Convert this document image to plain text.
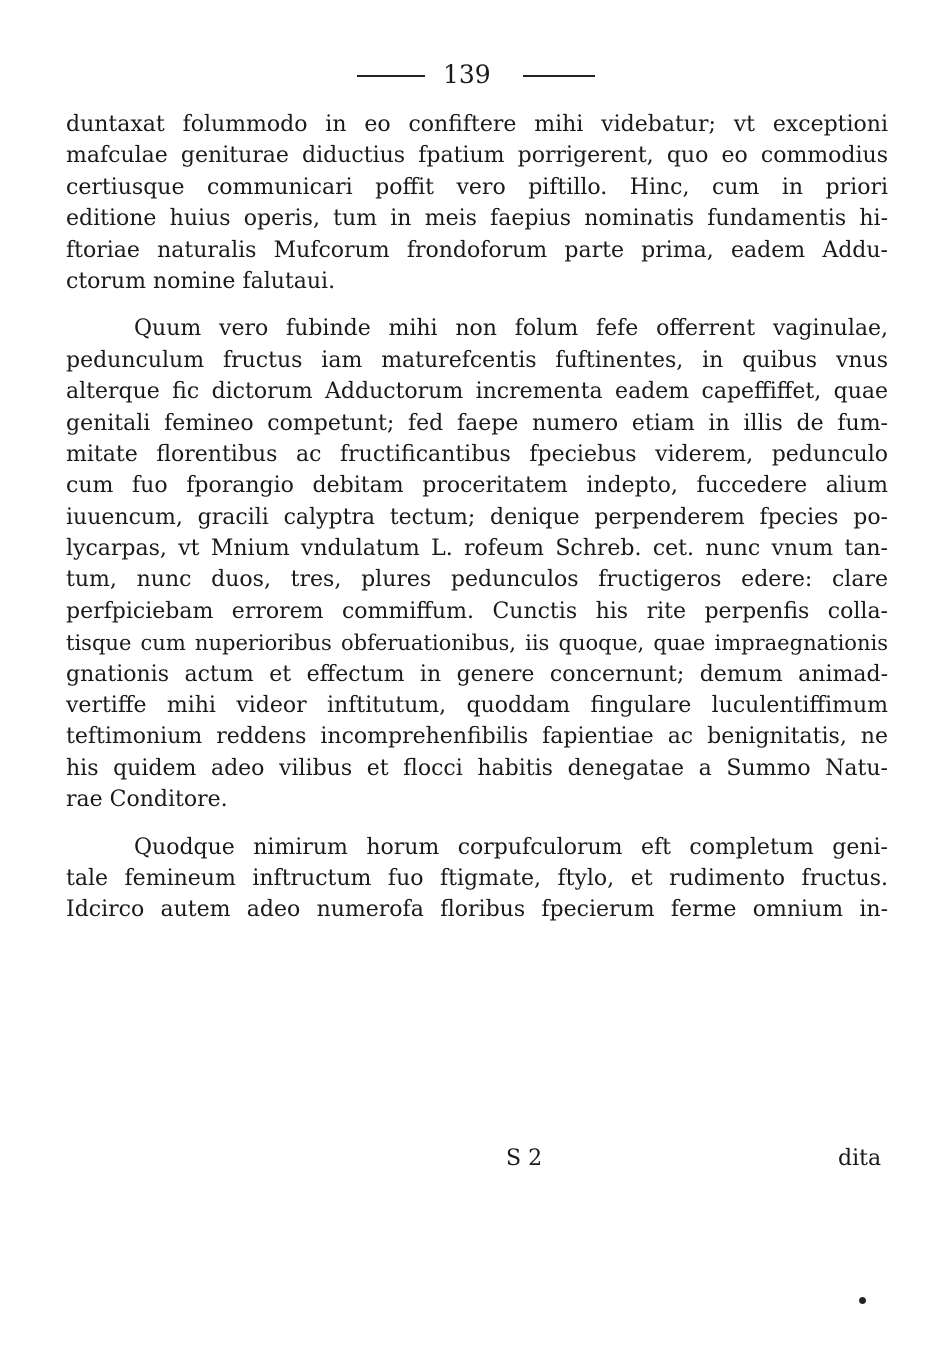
139
duntaxat folummodo in eo confiftere mihi videbatur; vt exceptioni
mafculae geniturae diductius fpatium porrigerent, quo eo commodius
certiusque communicari poffit vero piftillo. Hinc, cum in priori
editione huius operis, tum in meis faepius nominatis fundamentis hi-
ftoriae naturalis Mufcorum frondoforum parte prima, eadem Addu-
ctorum nomine falutaui.
Quum vero fubinde mihi non folum fefe offerrent vaginulae,
pedunculum fructus iam maturefcentis fuftinentes, in quibus vnus
alterque fic dictorum Adductorum incrementa eadem capeffiffet, quae
genitali femineo competunt; fed faepe numero etiam in illis de fum-
mitate florentibus ac fructificantibus fpeciebus viderem, pedunculo
cum fuo fporangio debitam proceritatem indepto, fuccedere alium
iuuencum, gracili calyptra tectum; denique perpenderem fpecies po-
lycarpas, vt Mnium vndulatum L. rofeum Schreb. cet. nunc vnum tan-
tum, nunc duos, tres, plures pedunculos fructigeros edere: clare
perfpiciebam errorem commiffum. Cunctis his rite perpenfis colla-
tisque cum nuperioribus obferuationibus, iis quoque, quae impraegnationis
gnationis actum et effectum in genere concernunt; demum animad-
vertiffe mihi videor inftitutum, quoddam fingulare luculentiffimum
teftimonium reddens incomprehenfibilis fapientiae ac benignitatis, ne
his quidem adeo vilibus et flocci habitis denegatae a Summo Natu-
rae Conditore.
Quodque nimirum horum corpufculorum eft completum geni-
tale femineum inftructum fuo ftigmate, ftylo, et rudimento fructus.
Idcirco autem adeo numerofa floribus fpecierum ferme omnium in-
S 2	dita
